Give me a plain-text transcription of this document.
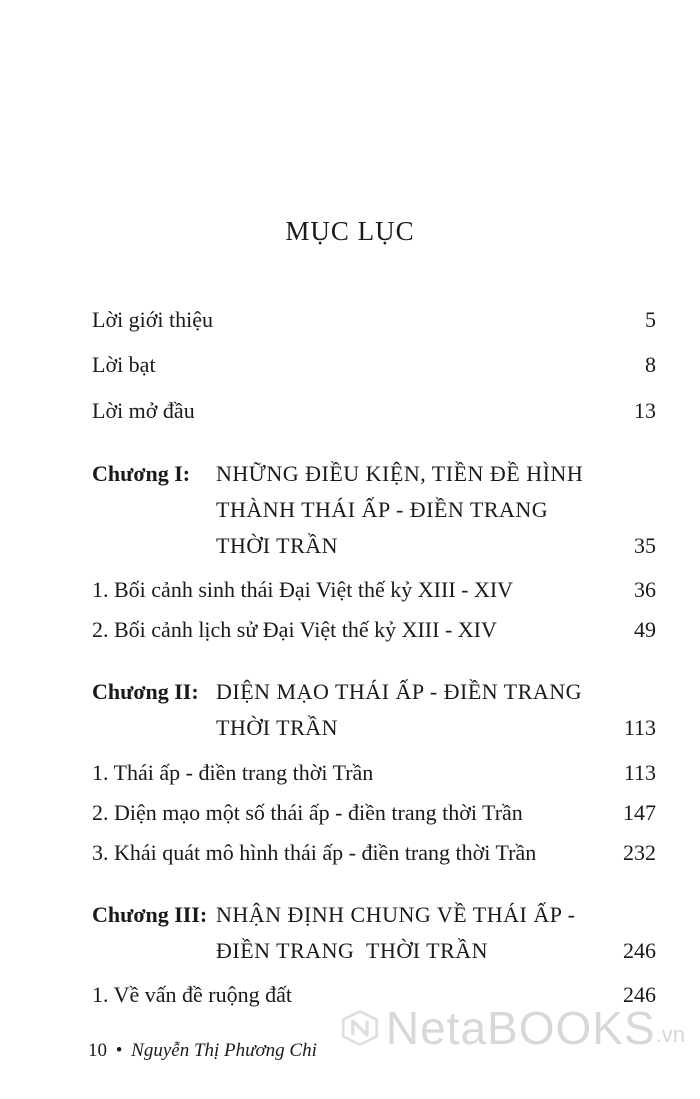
MỤC LỤC
Lời giới thiệu	5
Lời bạt	8
Lời mở đầu	13
Chương I: NHỮNG ĐIỀU KIỆN, TIỀN ĐỀ HÌNH
THÀNH THÁI ẤP - ĐIỀN TRANG
THỜI TRẦN	35
1. Bối cảnh sinh thái Đại Việt thế kỷ XIII - XIV	36
2. Bối cảnh lịch sử Đại Việt thế kỷ XIII - XIV	49
Chương II: DIỆN MẠO THÁI ẤP - ĐIỀN TRANG
THỜI TRẦN	113
1. Thái ấp - điền trang thời Trần	113
2. Diện mạo một số thái ấp - điền trang thời Trần	147
3. Khái quát mô hình thái ấp - điền trang thời Trần	232
Chương III: NHẬN ĐỊNH CHUNG VỀ THÁI ẤP -
ĐIỀN TRANG  THỜI TRẦN	246
1. Về vấn đề ruộng đất	246
10 • Nguyễn Thị Phương Chi NetaBOOKS .vn
